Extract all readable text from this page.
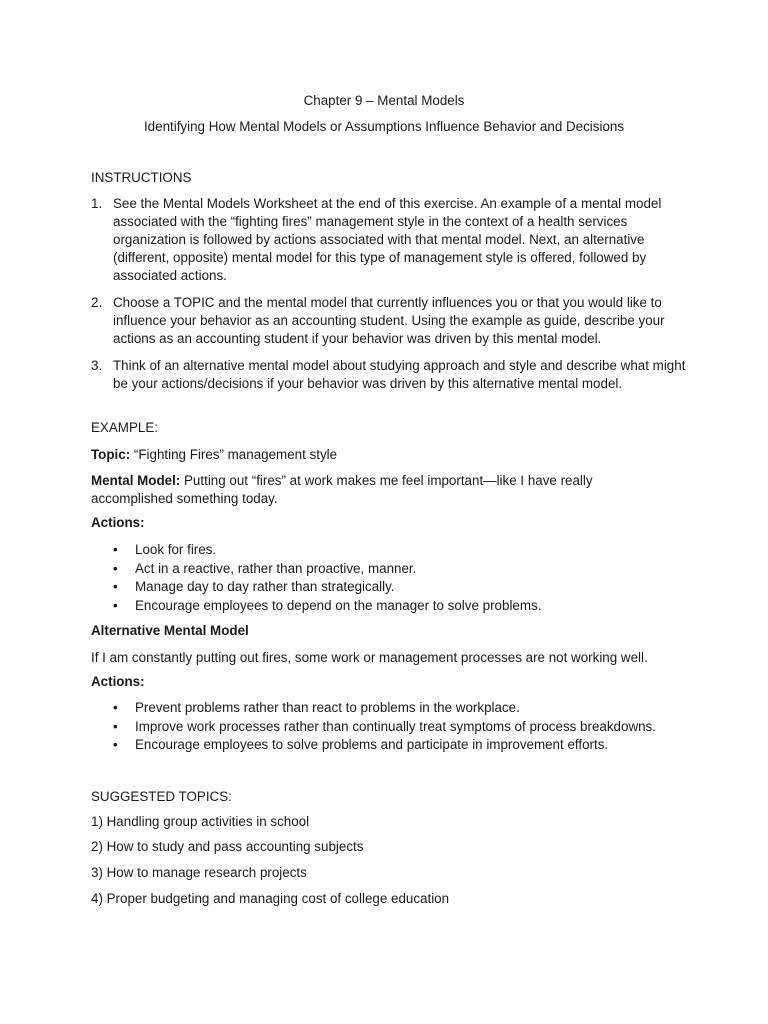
Chapter 9 – Mental Models
Identifying How Mental Models or Assumptions Influence Behavior and Decisions
INSTRUCTIONS
1. See the Mental Models Worksheet at the end of this exercise. An example of a mental model associated with the “fighting fires” management style in the context of a health services organization is followed by actions associated with that mental model. Next, an alternative (different, opposite) mental model for this type of management style is offered, followed by associated actions.
2. Choose a TOPIC and the mental model that currently influences you or that you would like to influence your behavior as an accounting student. Using the example as guide, describe your actions as an accounting student if your behavior was driven by this mental model.
3. Think of an alternative mental model about studying approach and style and describe what might be your actions/decisions if your behavior was driven by this alternative mental model.
EXAMPLE:
Topic: “Fighting Fires” management style
Mental Model: Putting out “fires” at work makes me feel important—like I have really accomplished something today.
Actions:
• Look for fires.
• Act in a reactive, rather than proactive, manner.
• Manage day to day rather than strategically.
• Encourage employees to depend on the manager to solve problems.
Alternative Mental Model
If I am constantly putting out fires, some work or management processes are not working well.
Actions:
• Prevent problems rather than react to problems in the workplace.
• Improve work processes rather than continually treat symptoms of process breakdowns.
• Encourage employees to solve problems and participate in improvement efforts.
SUGGESTED TOPICS:
1) Handling group activities in school
2) How to study and pass accounting subjects
3) How to manage research projects
4) Proper budgeting and managing cost of college education
